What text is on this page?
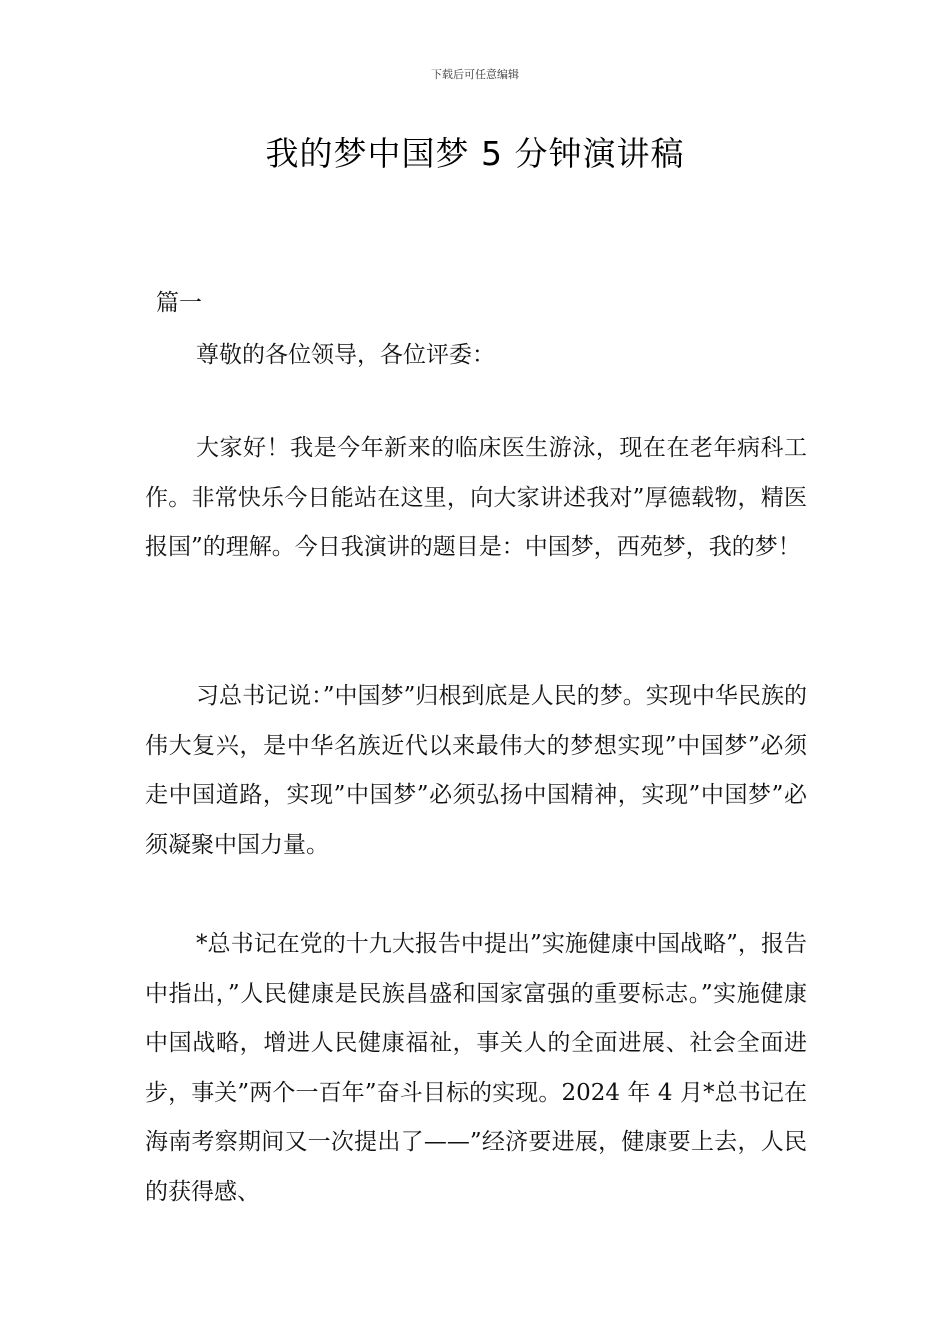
下载后可任意编辑
我的梦中国梦 5 分钟演讲稿
篇一
尊敬的各位领导，各位评委：

大家好！我是今年新来的临床医生游泳，现在在老年病科工作。非常快乐今日能站在这里，向大家讲述我对”厚德载物，精医报国”的理解。今日我演讲的题目是：中国梦，西苑梦，我的梦！

习总书记说：”中国梦”归根到底是人民的梦。实现中华民族的伟大复兴，是中华名族近代以来最伟大的梦想实现”中国梦”必须走中国道路，实现”中国梦”必须弘扬中国精神，实现”中国梦”必须凝聚中国力量。

*总书记在党的十九大报告中提出”实施健康中国战略”，报告中指出，”人民健康是民族昌盛和国家富强的重要标志。”实施健康中国战略，增进人民健康福祉，事关人的全面进展、社会全面进步，事关”两个一百年”奋斗目标的实现。2024 年 4 月*总书记在海南考察期间又一次提出了——”经济要进展，健康要上去，人民的获得感、
